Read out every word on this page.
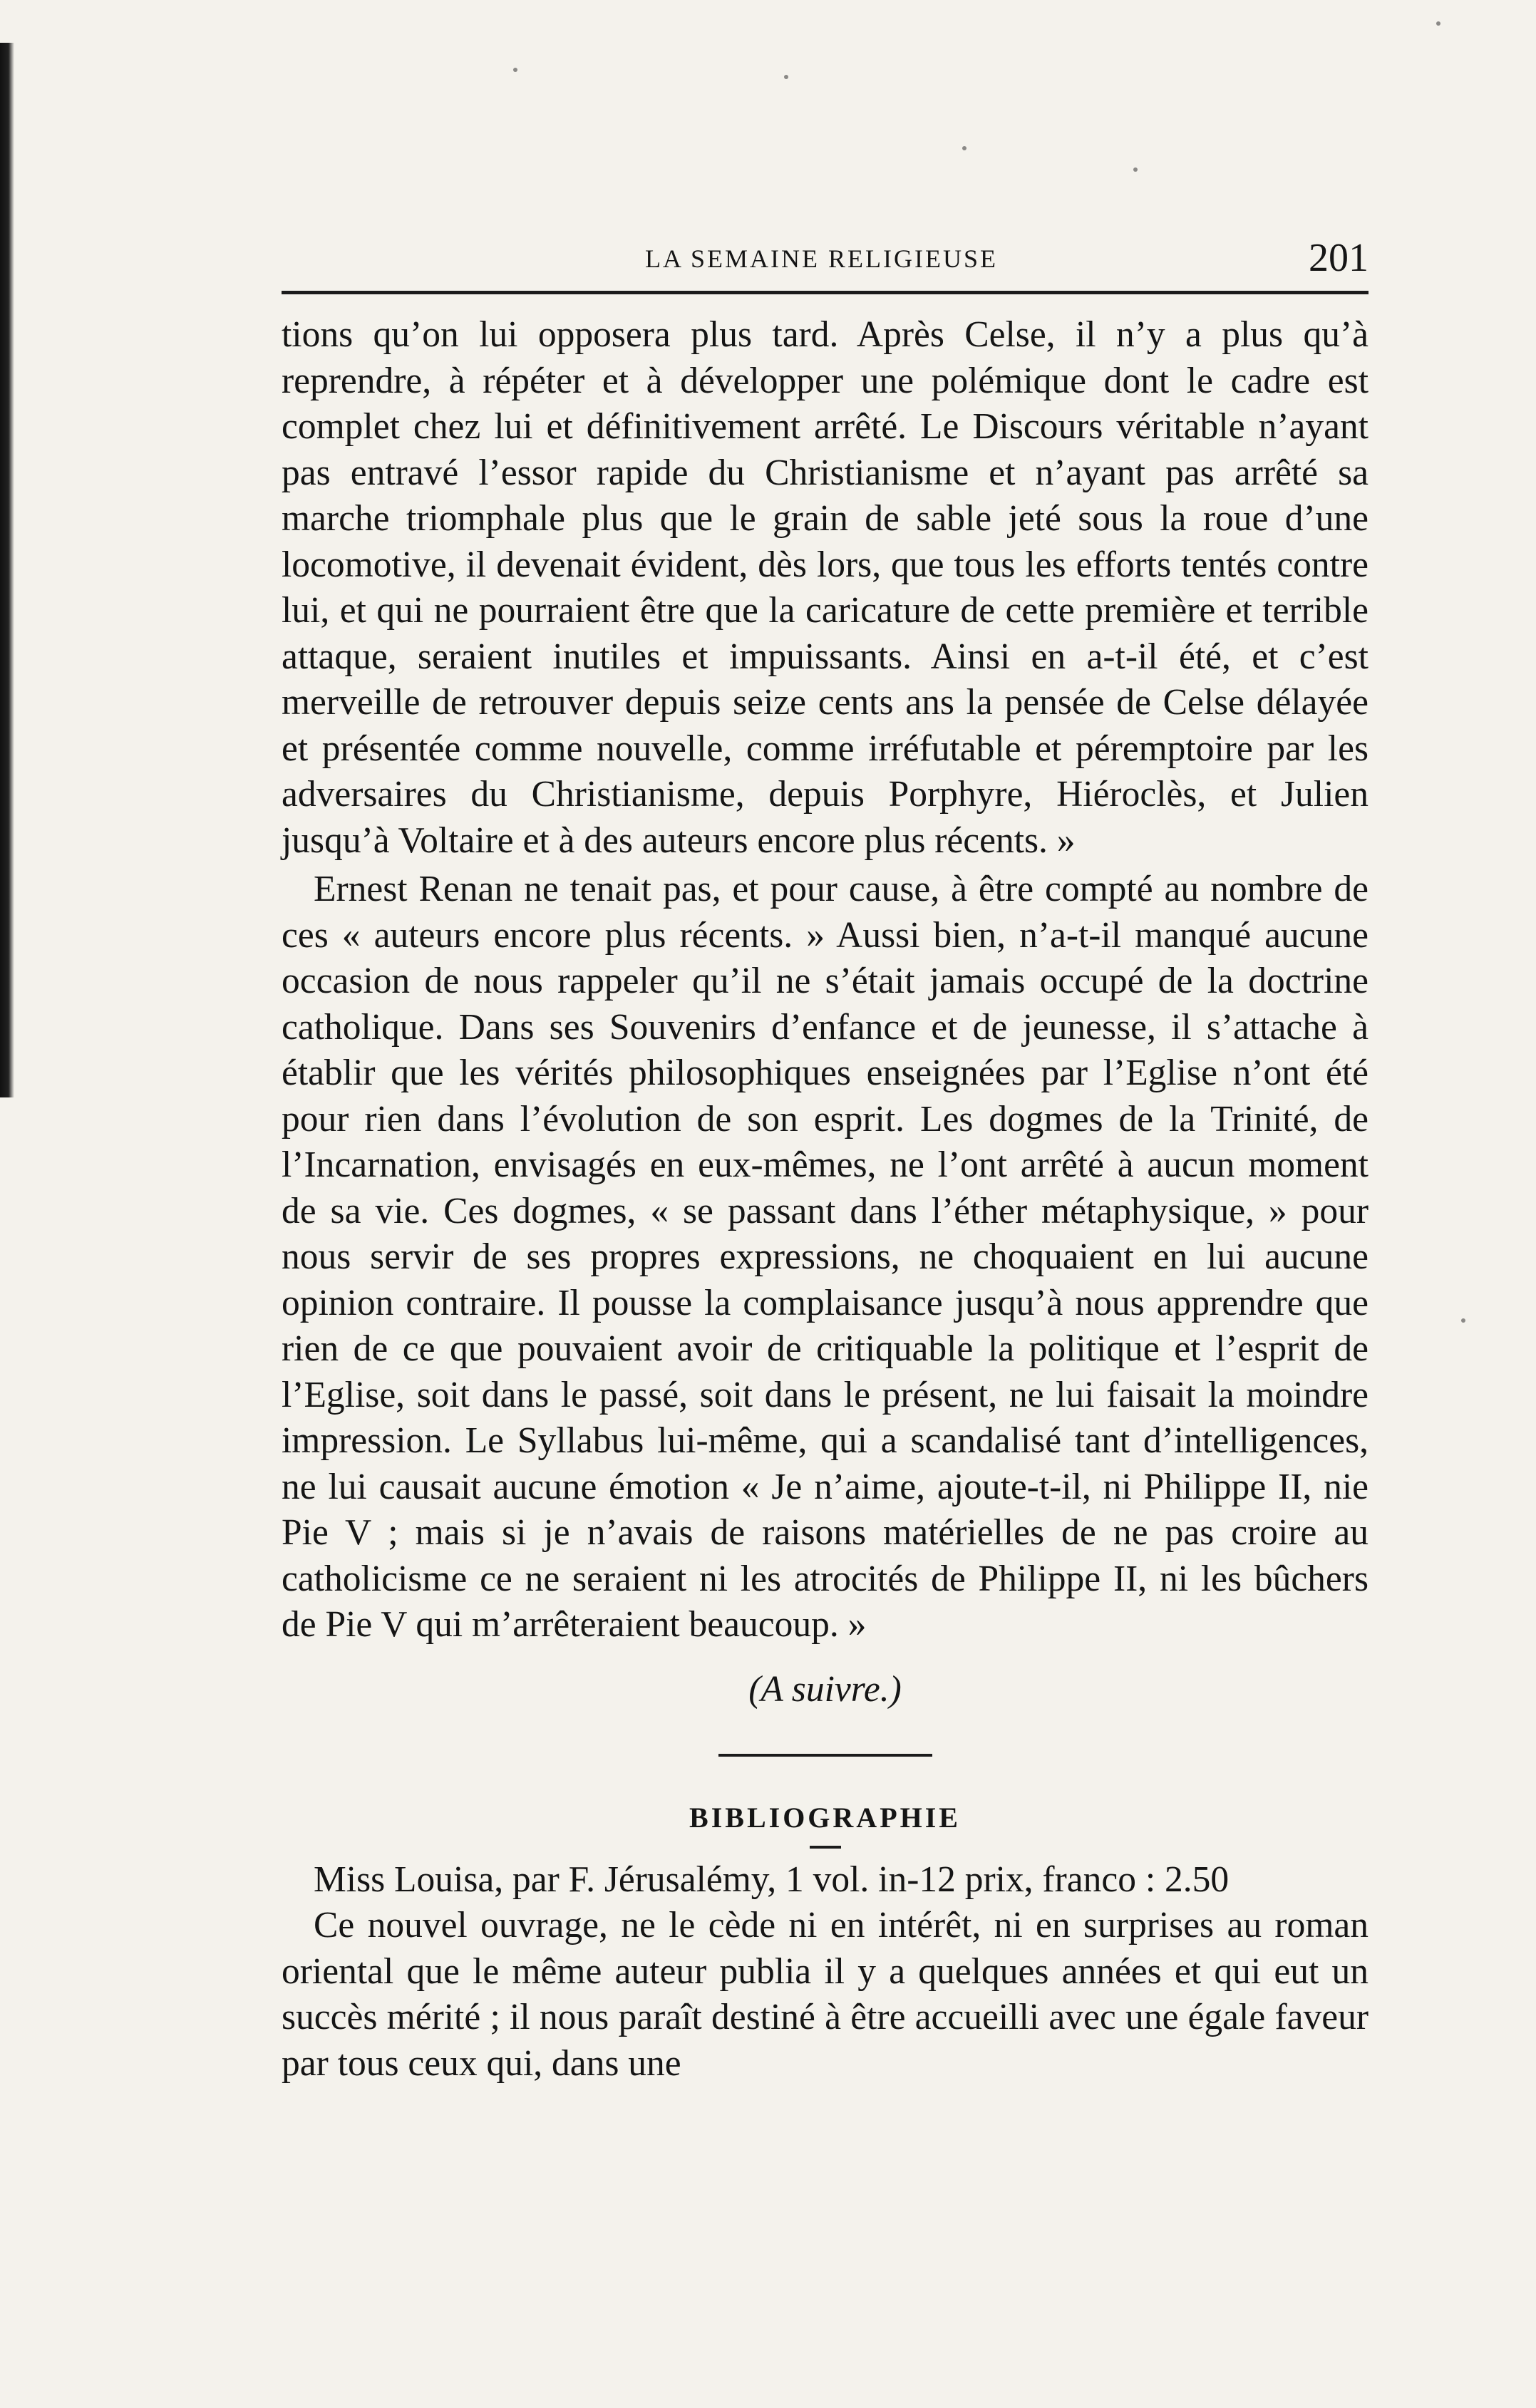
LA SEMAINE RELIGIEUSE	201

tions qu’on lui opposera plus tard. Après Celse, il n’y a plus qu’à reprendre, à répéter et à développer une polémique dont le cadre est complet chez lui et définitivement arrêté. Le Discours véritable n’ayant pas entravé l’essor rapide du Christianisme et n’ayant pas arrêté sa marche triomphale plus que le grain de sable jeté sous la roue d’une locomotive, il devenait évident, dès lors, que tous les efforts tentés contre lui, et qui ne pourraient être que la caricature de cette première et terrible attaque, seraient inutiles et impuissants. Ainsi en a-t-il été, et c’est merveille de retrouver depuis seize cents ans la pensée de Celse délayée et présentée comme nouvelle, comme irréfutable et péremptoire par les adversaires du Christianisme, depuis Porphyre, Hiéroclès, et Julien jusqu’à Voltaire et à des auteurs encore plus récents. »

Ernest Renan ne tenait pas, et pour cause, à être compté au nombre de ces « auteurs encore plus récents. » Aussi bien, n’a-t-il manqué aucune occasion de nous rappeler qu’il ne s’était jamais occupé de la doctrine catholique. Dans ses Souvenirs d’enfance et de jeunesse, il s’attache à établir que les vérités philosophiques enseignées par l’Eglise n’ont été pour rien dans l’évolution de son esprit. Les dogmes de la Trinité, de l’Incarnation, envisagés en eux-mêmes, ne l’ont arrêté à aucun moment de sa vie. Ces dogmes, « se passant dans l’éther métaphysique, » pour nous servir de ses propres expressions, ne choquaient en lui aucune opinion contraire. Il pousse la complaisance jusqu’à nous apprendre que rien de ce que pouvaient avoir de critiquable la politique et l’esprit de l’Eglise, soit dans le passé, soit dans le présent, ne lui faisait la moindre impression. Le Syllabus lui-même, qui a scandalisé tant d’intelligences, ne lui causait aucune émotion « Je n’aime, ajoute-t-il, ni Philippe II, nie Pie V ; mais si je n’avais de raisons matérielles de ne pas croire au catholicisme ce ne seraient ni les atrocités de Philippe II, ni les bûchers de Pie V qui m’arrêteraient beaucoup. »

(A suivre.)

BIBLIOGRAPHIE

Miss Louisa, par F. Jérusalémy, 1 vol. in-12 prix, franco : 2.50

Ce nouvel ouvrage, ne le cède ni en intérêt, ni en surprises au roman oriental que le même auteur publia il y a quelques années et qui eut un succès mérité ; il nous paraît destiné à être accueilli avec une égale faveur par tous ceux qui, dans une
